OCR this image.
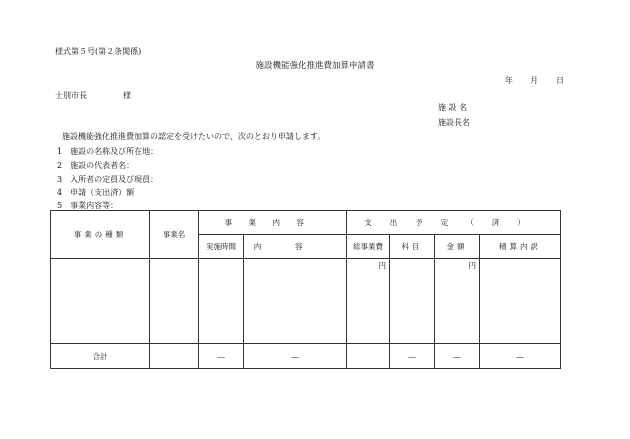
様式第５号(第２条関係)
施設機能強化推進費加算申請書
年 月 日
士別市長	様
施 設 名
施設長名
施設機能強化推進費加算の認定を受けたいので、次のとおり申請します。
1　 施設の名称及び所在地：
2　 施設の代表者名：
3　 入所者の定員及び現員：
4　 申請（支出済）額
5　 事業内容等：
事業の種類	事業名	事業内容		支出予定（済）			
		実施時間	内容	総事業費	科目	金額	積算内訳

				円		円	

合計		―	―		―	―	―
